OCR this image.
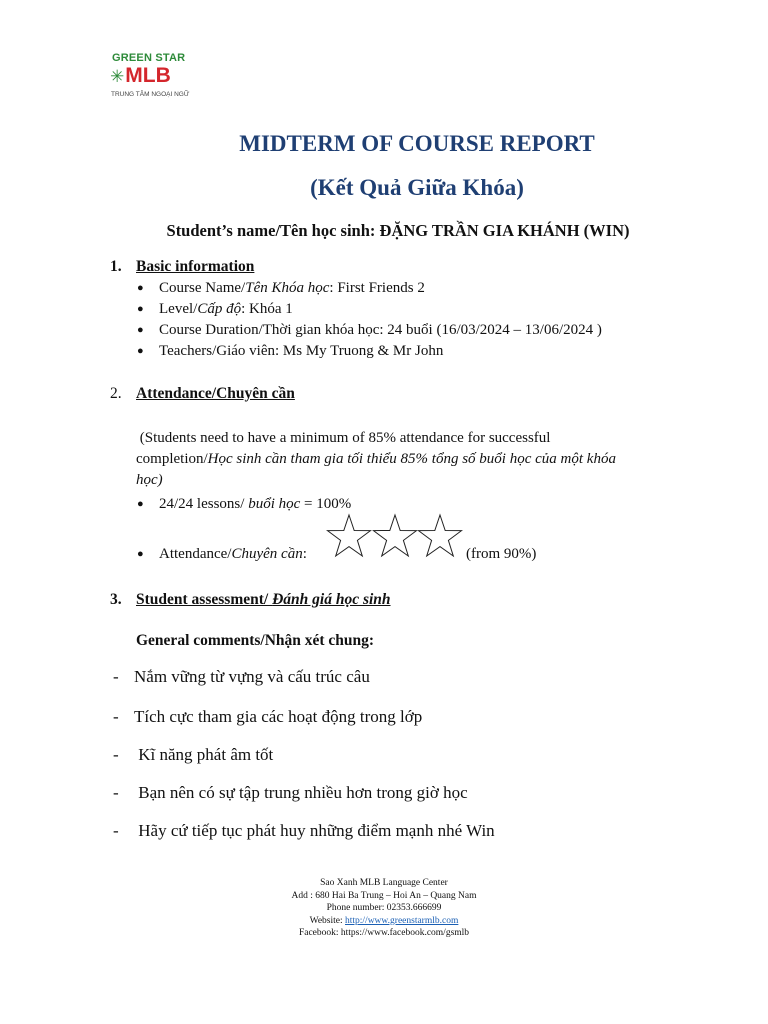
GREEN STAR
✳MLB
TRUNG TÂM NGOẠI NGỮ
MIDTERM OF COURSE REPORT
(Kết Quả Giữa Khóa)
Student’s name/Tên học sinh: ĐẶNG TRẦN GIA KHÁNH (WIN)
1. Basic information
● Course Name/Tên Khóa học: First Friends 2
● Level/Cấp độ: Khóa 1
● Course Duration/Thời gian khóa học: 24 buổi (16/03/2024 – 13/06/2024 )
● Teachers/Giáo viên: Ms My Truong & Mr John
2. Attendance/Chuyên cần
(Students need to have a minimum of 85% attendance for successful
completion/Học sinh cần tham gia tối thiểu 85% tổng số buổi học của một khóa
học)
● 24/24 lessons/ buổi học = 100%
● Attendance/Chuyên cần:	(from 90%)
3. Student assessment/ Đánh giá học sinh
General comments/Nhận xét chung:
- Nắm vững từ vựng và cấu trúc câu
- Tích cực tham gia các hoạt động trong lớp
- Kĩ năng phát âm tốt
- Bạn nên có sự tập trung nhiều hơn trong giờ học
- Hãy cứ tiếp tục phát huy những điểm mạnh nhé Win
Sao Xanh MLB Language Center
Add : 680 Hai Ba Trung – Hoi An – Quang Nam
Phone number: 02353.666699
Website: http://www.greenstarmlb.com
Facebook: https://www.facebook.com/gsmlb
